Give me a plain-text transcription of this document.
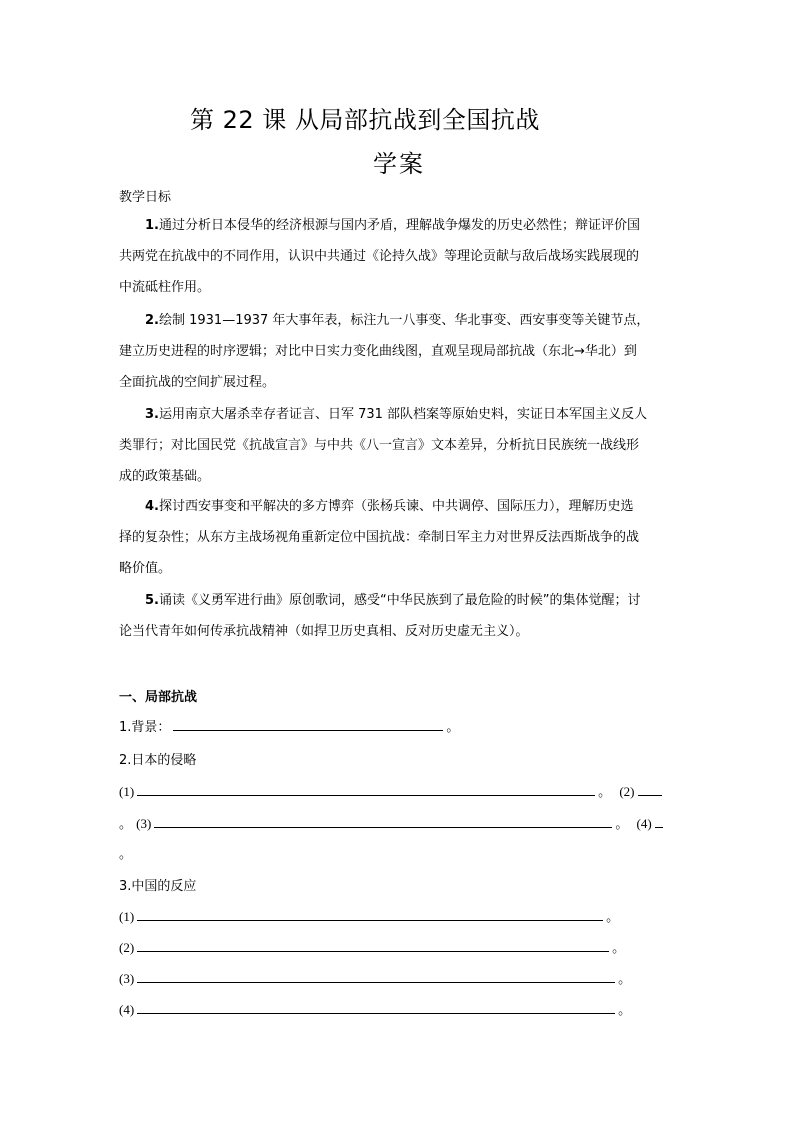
第 22 课 从局部抗战到全国抗战
学案
教学日标
1.通过分析日本侵华的经济根源与国内矛盾，理解战争爆发的历史必然性；辩证评价国
共两党在抗战中的不同作用，认识中共通过《论持久战》等理论贡献与敌后战场实践展现的
中流砥柱作用。
2.绘制 1931—1937 年大事年表，标注九一八事变、华北事变、西安事变等关键节点，
建立历史进程的时序逻辑；对比中日实力变化曲线图，直观呈现局部抗战（东北→华北）到
全面抗战的空间扩展过程。
3.运用南京大屠杀幸存者证言、日军 731 部队档案等原始史料，实证日本军国主义反人
类罪行；对比国民党《抗战宣言》与中共《八一宣言》文本差异，分析抗日民族统一战线形
成的政策基础。
4.探讨西安事变和平解决的多方博弈（张杨兵谏、中共调停、国际压力），理解历史选
择的复杂性；从东方主战场视角重新定位中国抗战：牵制日军主力对世界反法西斯战争的战
略价值。
5.诵读《义勇军进行曲》原创歌词，感受“中华民族到了最危险的时候”的集体觉醒；讨
论当代青年如何传承抗战精神（如捍卫历史真相、反对历史虚无主义）。
一、局部抗战
1.背景：	。
2.日本的侵略
(1)	。 (2)
。 (3)	。 (4)
。
3.中国的反应
(1)	。
(2)	。
(3)	。
(4)	。
